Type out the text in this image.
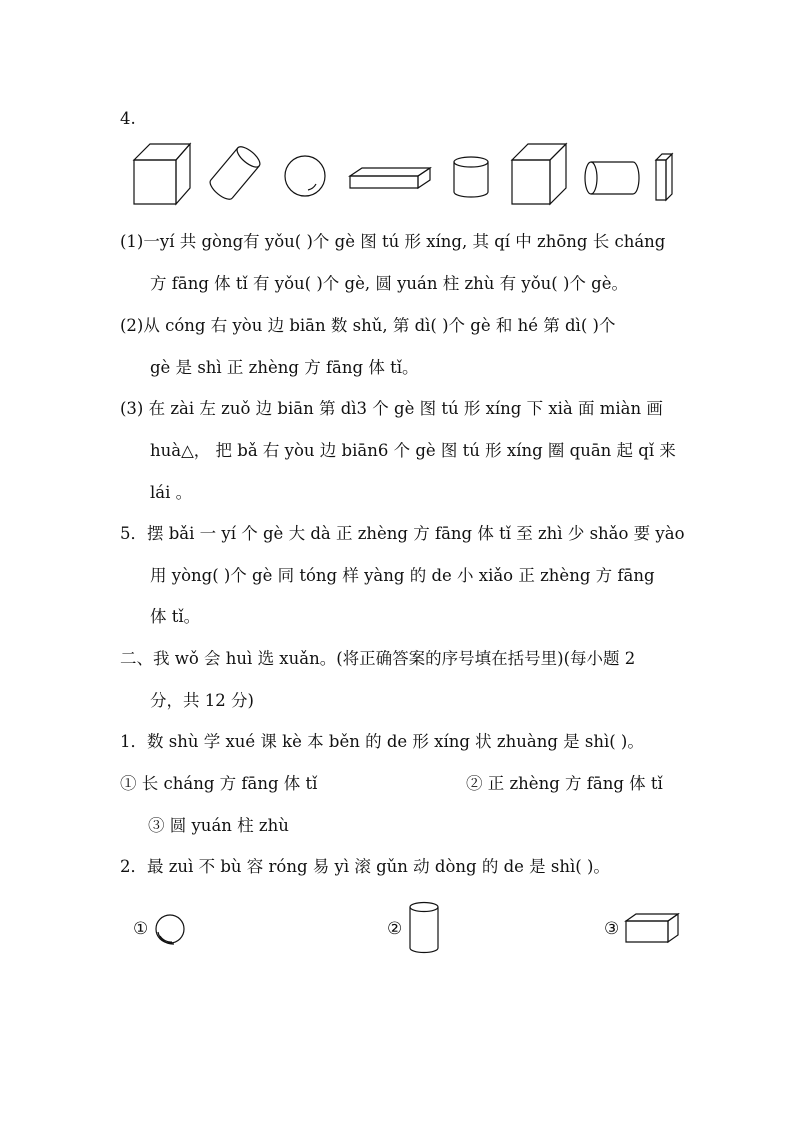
4.
(1)一yí 共 gòng有 yǒu( )个 gè 图 tú 形 xíng, 其 qí 中 zhōng 长 cháng
方 fāng 体 tǐ 有 yǒu( )个 gè, 圆 yuán 柱 zhù 有 yǒu( )个 gè。
(2)从 cóng 右 yòu 边 biān 数 shǔ, 第 dì( )个 gè 和 hé 第 dì( )个
gè 是 shì 正 zhèng 方 fāng 体 tǐ。
(3) 在 zài 左 zuǒ 边 biān 第 dì3 个 gè 图 tú 形 xíng 下 xià 面 miàn 画
huà△， 把 bǎ 右 yòu 边 biān6 个 gè 图 tú 形 xíng 圈 quān 起 qǐ 来
lái 。
5．摆 bǎi 一 yí 个 gè 大 dà 正 zhèng 方 fāng 体 tǐ 至 zhì 少 shǎo 要 yào
用 yòng( )个 gè 同 tóng 样 yàng 的 de 小 xiǎo 正 zhèng 方 fāng
体 tǐ。
二、我 wǒ 会 huì 选 xuǎn。(将正确答案的序号填在括号里)(每小题 2
分，共 12 分)
1．数 shù 学 xué 课 kè 本 běn 的 de 形 xíng 状 zhuàng 是 shì( )。
① 长 cháng 方 fāng 体 tǐ	② 正 zhèng 方 fāng 体 tǐ
③ 圆 yuán 柱 zhù
2．最 zuì 不 bù 容 róng 易 yì 滚 gǔn 动 dòng 的 de 是 shì( )。
①	②	③
